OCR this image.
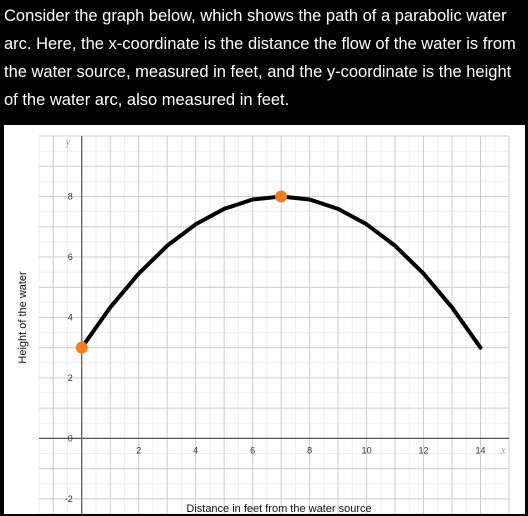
Consider the graph below, which shows the path of a parabolic water arc. Here, the x-coordinate is the distance the flow of the water is from the water source, measured in feet, and the y-coordinate is the height of the water arc, also measured in feet.

2	4	6	8	10	12	14
-2
0
2
4
6
8
x
y
Distance in feet from the water source
Height of the water
